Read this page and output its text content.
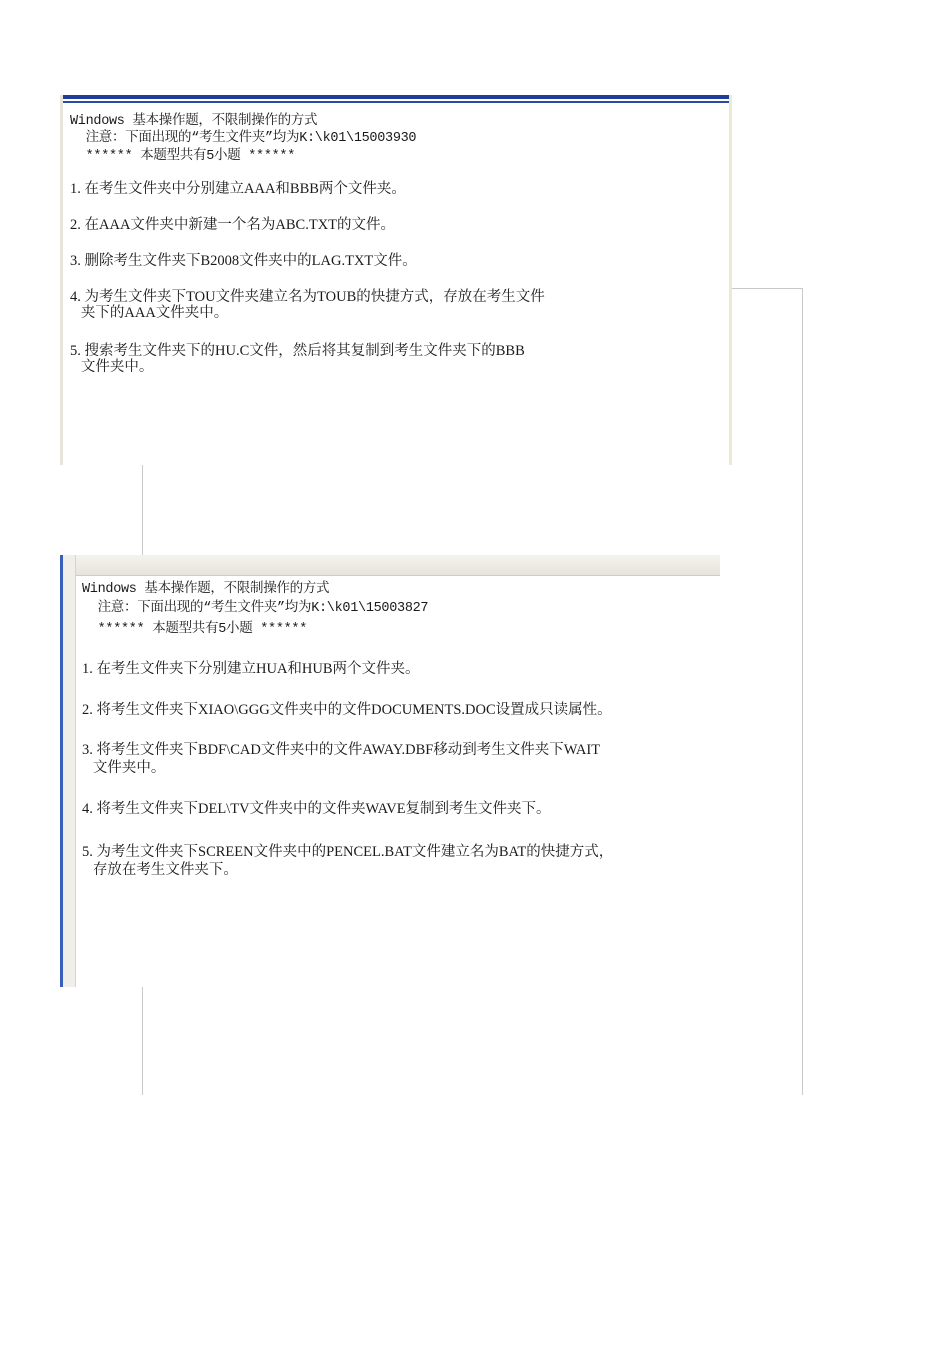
Windows 基本操作题，不限制操作的方式

注意：下面出现的“考生文件夹”均为K:\k01\15003930

****** 本题型共有5小题 ******

1. 在考生文件夹中分别建立AAA和BBB两个文件夹。

2. 在AAA文件夹中新建一个名为ABC.TXT的文件。

3. 删除考生文件夹下B2008文件夹中的LAG.TXT文件。

4. 为考生文件夹下TOU文件夹建立名为TOUB的快捷方式，存放在考生文件

夹下的AAA文件夹中。

5. 搜索考生文件夹下的HU.C文件，然后将其复制到考生文件夹下的BBB

文件夹中。

Windows 基本操作题，不限制操作的方式

注意：下面出现的“考生文件夹”均为K:\k01\15003827

****** 本题型共有5小题 ******

1. 在考生文件夹下分别建立HUA和HUB两个文件夹。

2. 将考生文件夹下XIAO\GGG文件夹中的文件DOCUMENTS.DOC设置成只读属性。

3. 将考生文件夹下BDF\CAD文件夹中的文件AWAY.DBF移动到考生文件夹下WAIT

文件夹中。

4. 将考生文件夹下DEL\TV文件夹中的文件夹WAVE复制到考生文件夹下。

5. 为考生文件夹下SCREEN文件夹中的PENCEL.BAT文件建立名为BAT的快捷方式，

存放在考生文件夹下。
